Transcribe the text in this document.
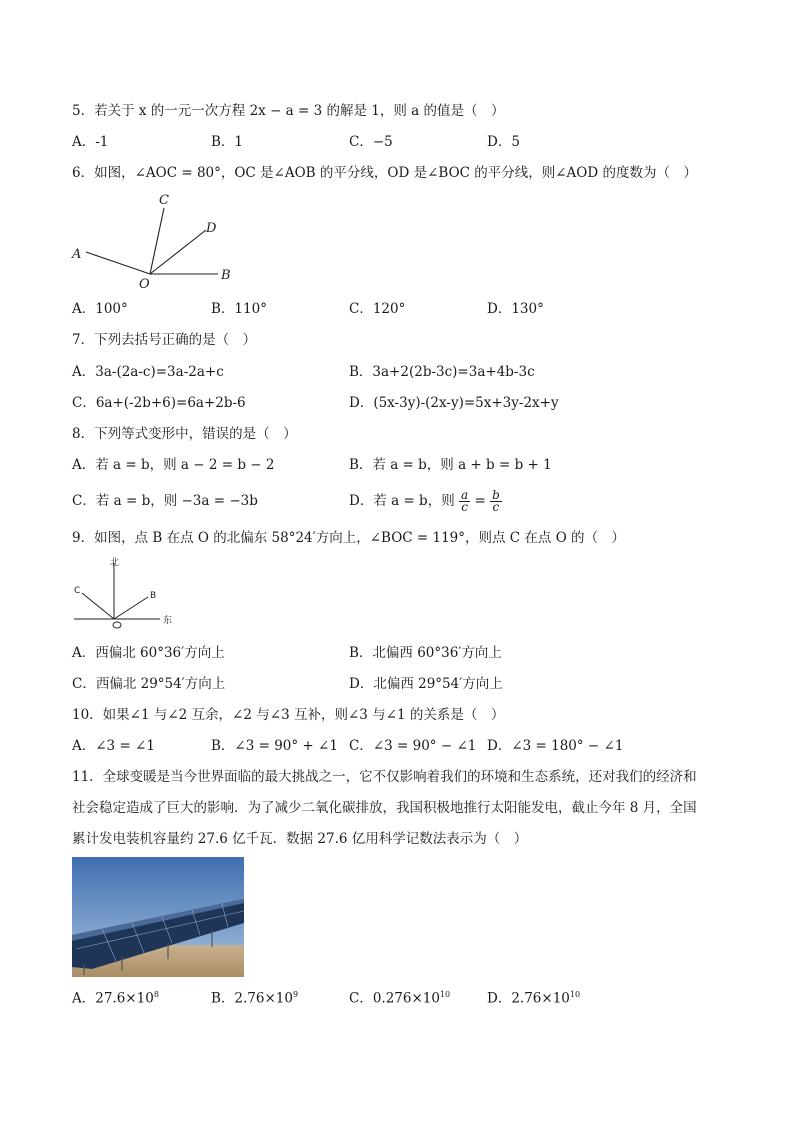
5．若关于 x 的一元一次方程 2x − a = 3 的解是 1，则 a 的值是（　）
A．-1	B．1	C．−5	D．5
6．如图，∠AOC = 80°，OC 是∠AOB 的平分线，OD 是∠BOC 的平分线，则∠AOD 的度数为（　）
A
B
C
D
O
A．100°	B．110°	C．120°	D．130°
7．下列去括号正确的是（　）
A．3a-(2a-c)=3a-2a+c	B．3a+2(2b-3c)=3a+4b-3c
C．6a+(-2b+6)=6a+2b-6	D．(5x-3y)-(2x-y)=5x+3y-2x+y
8．下列等式变形中，错误的是（　）
A．若 a = b，则 a − 2 = b − 2	B．若 a = b，则 a + b = b + 1
C．若 a = b，则 −3a = −3b	D．若 a = b，则 $\frac{a}{c} = \frac{b}{c}$
9．如图，点 B 在点 O 的北偏东 58°24′方向上，∠BOC = 119°，则点 C 在点 O 的（　）
北
东
B
C
A．西偏北 60°36′方向上	B．北偏西 60°36′方向上
C．西偏北 29°54′方向上	D．北偏西 29°54′方向上
10．如果∠1 与∠2 互余，∠2 与∠3 互补，则∠3 与∠1 的关系是（　）
A．∠3 = ∠1	B．∠3 = 90° + ∠1 C．∠3 = 90° − ∠1 D．∠3 = 180° − ∠1
11．全球变暖是当今世界面临的最大挑战之一，它不仅影响着我们的环境和生态系统，还对我们的经济和
社会稳定造成了巨大的影响．为了减少二氧化碳排放，我国积极地推行太阳能发电，截止今年 8 月，全国
累计发电装机容量约 27.6 亿千瓦．数据 27.6 亿用科学记数法表示为（　）
A．$27.6\times 10^8$	B．$2.76\times 10^9$	C．$0.276\times 10^{10}$	D．$2.76\times 10^{10}$
